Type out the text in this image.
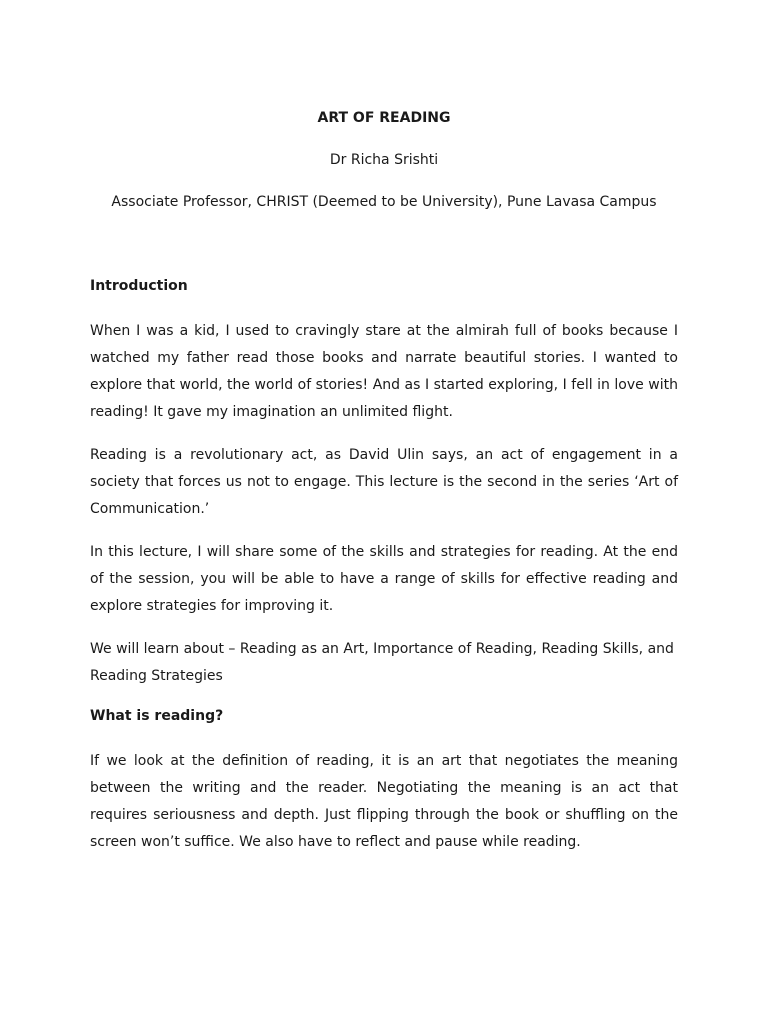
ART OF READING
Dr Richa Srishti
Associate Professor, CHRIST (Deemed to be University), Pune Lavasa Campus
Introduction

When I was a kid, I used to cravingly stare at the almirah full of books because I watched my father read those books and narrate beautiful stories. I wanted to explore that world, the world of stories! And as I started exploring, I fell in love with reading! It gave my imagination an unlimited flight.

Reading is a revolutionary act, as David Ulin says, an act of engagement in a society that forces us not to engage. This lecture is the second in the series ‘Art of Communication.’

In this lecture, I will share some of the skills and strategies for reading. At the end of the session, you will be able to have a range of skills for effective reading and explore strategies for improving it.

We will learn about – Reading as an Art, Importance of Reading, Reading Skills, and Reading Strategies

What is reading?

If we look at the definition of reading, it is an art that negotiates the meaning between the writing and the reader. Negotiating the meaning is an act that requires seriousness and depth. Just flipping through the book or shuffling on the screen won’t suffice. We also have to reflect and pause while reading.
